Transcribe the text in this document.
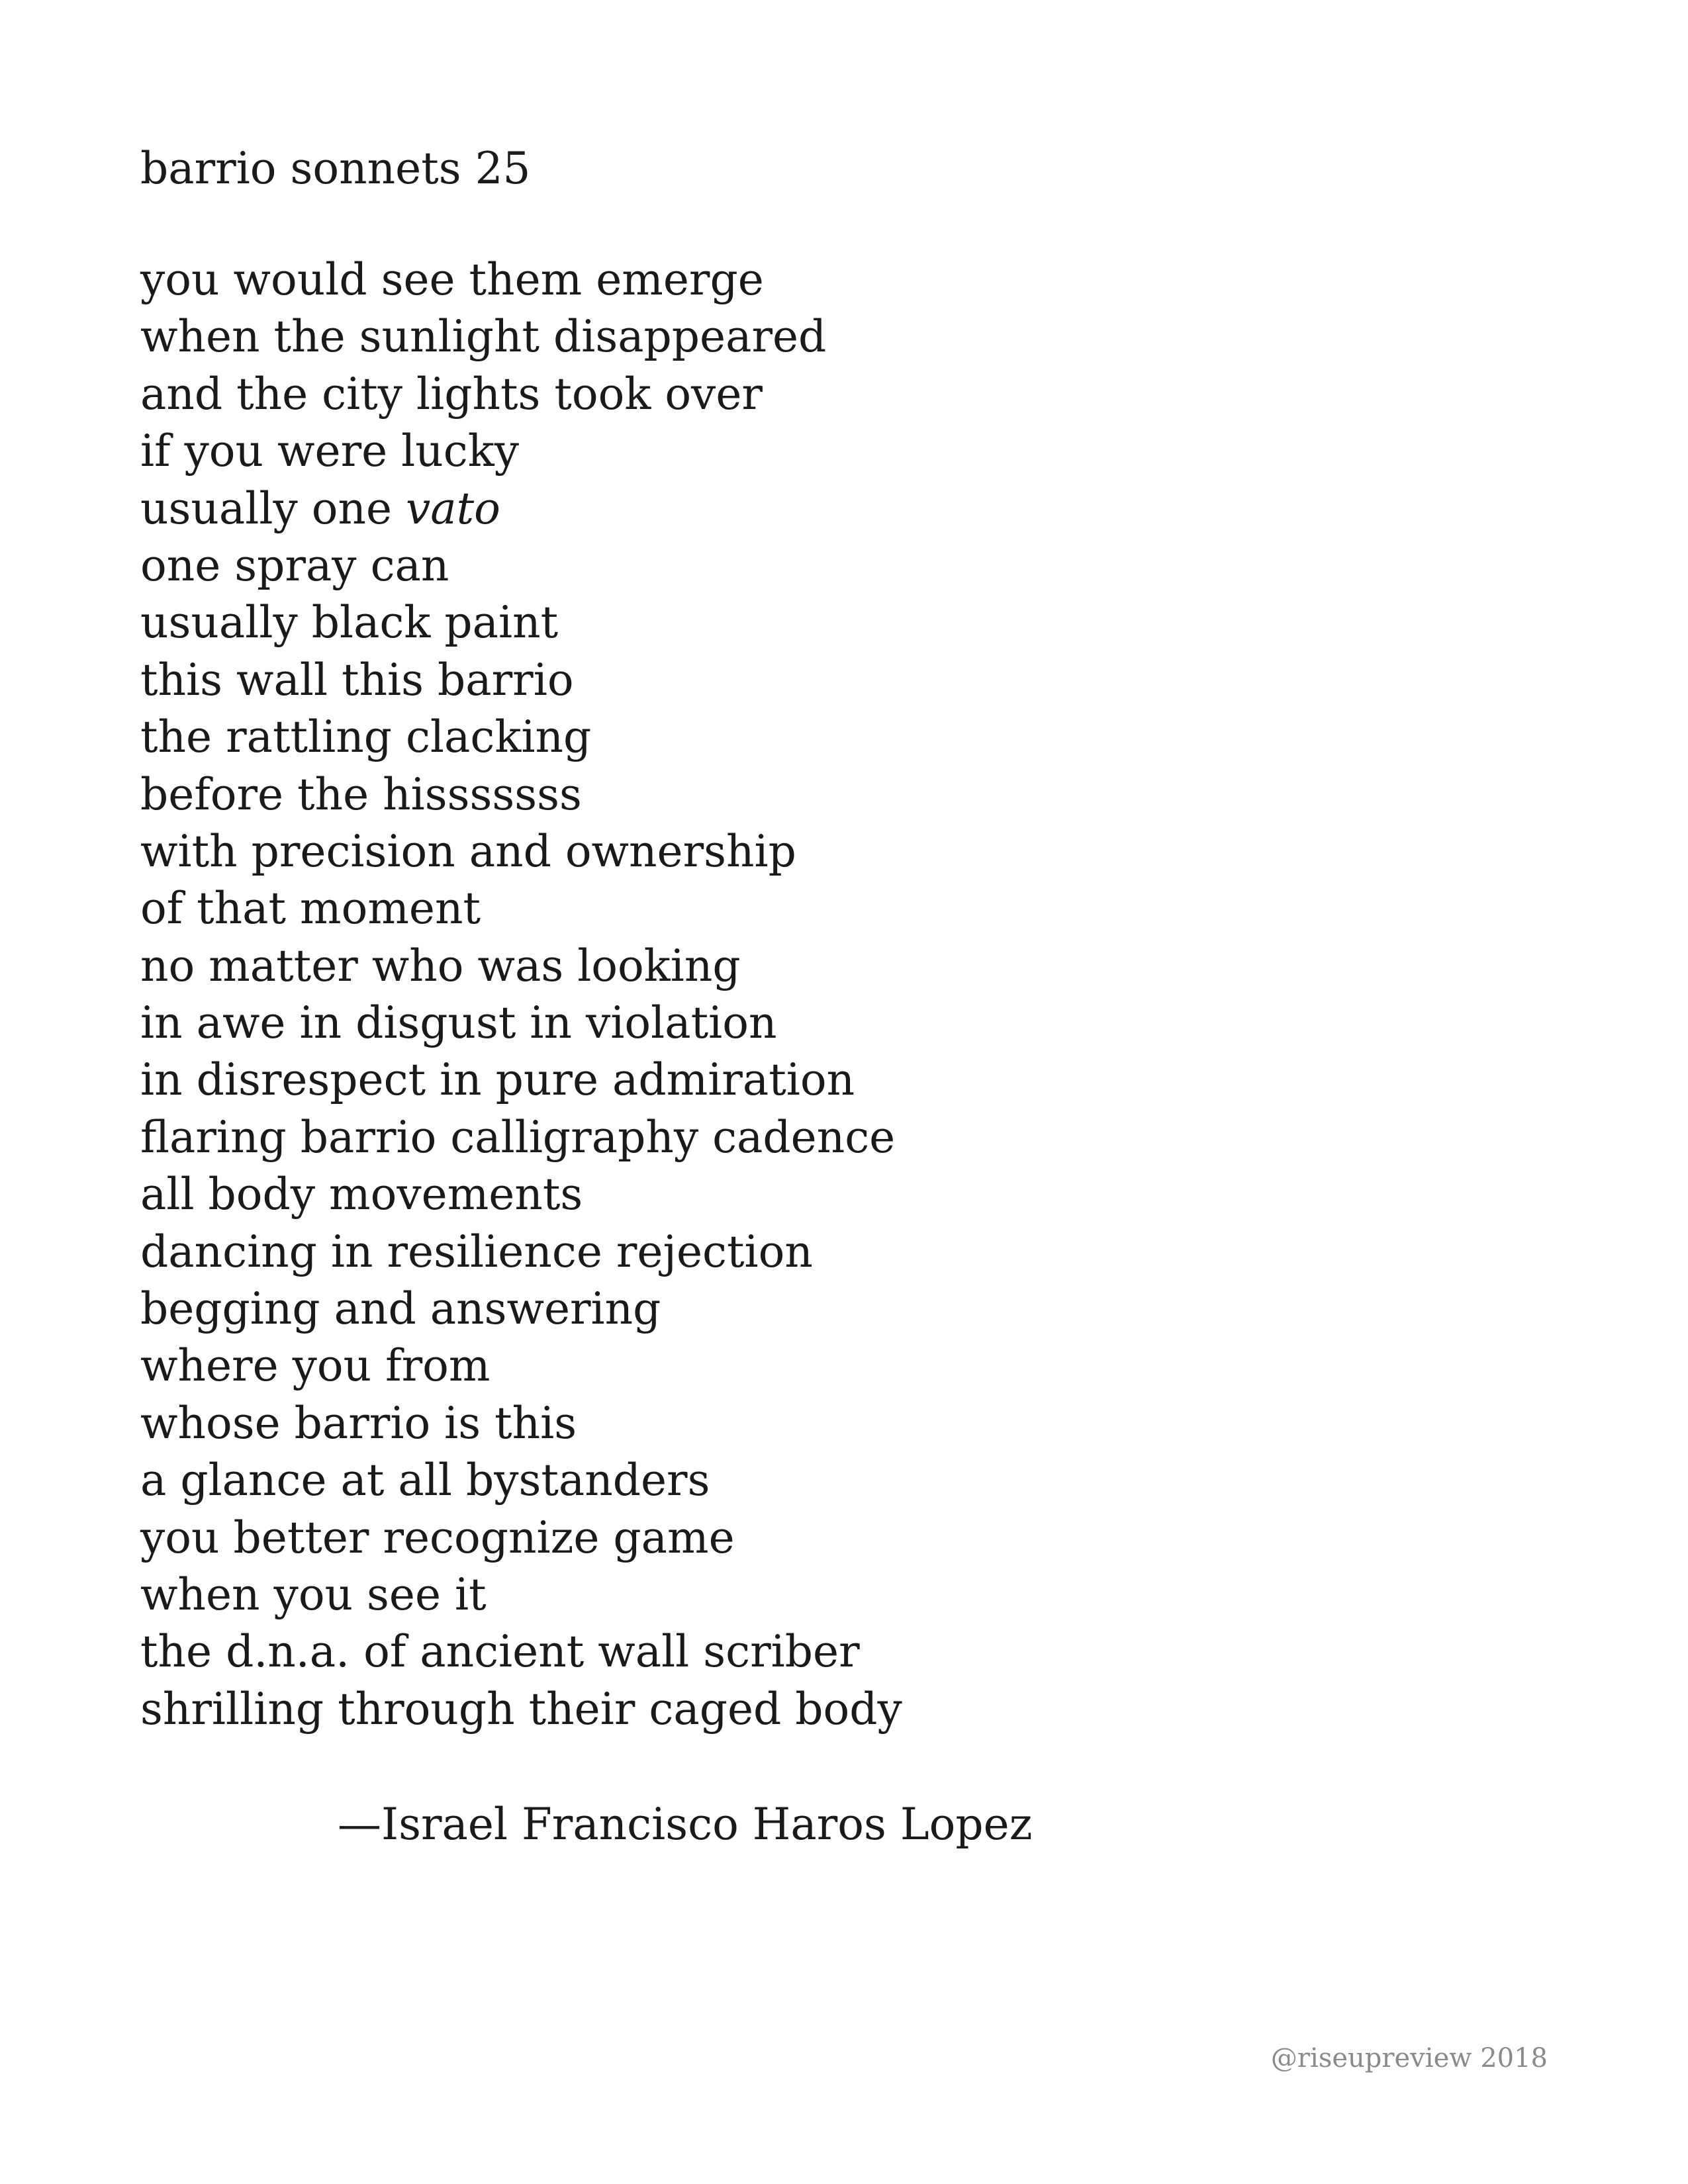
barrio sonnets 25
you would see them emerge
when the sunlight disappeared
and the city lights took over
if you were lucky
usually one vato
one spray can
usually black paint
this wall this barrio
the rattling clacking
before the hisssssss
with precision and ownership
of that moment
no matter who was looking
in awe in disgust in violation
in disrespect in pure admiration
flaring barrio calligraphy cadence
all body movements
dancing in resilience rejection
begging and answering
where you from
whose barrio is this
a glance at all bystanders
you better recognize game
when you see it
the d.n.a. of ancient wall scriber
shrilling through their caged body
—Israel Francisco Haros Lopez
@riseupreview 2018
